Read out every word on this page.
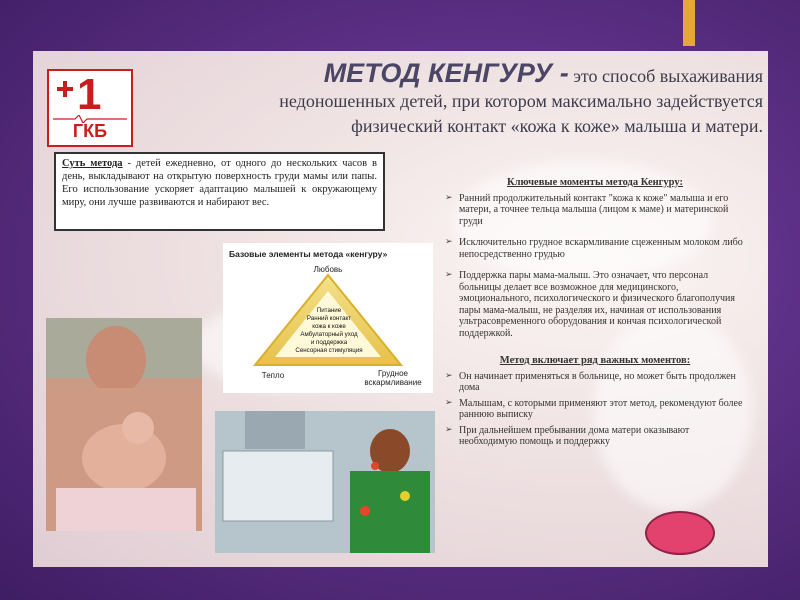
1
ГКБ
МЕТОД КЕНГУРУ - это способ выхаживания
недоношенных детей, при котором максимально задействуется
физический контакт «кожа к коже» малыша и матери.
Суть метода - детей ежедневно, от одного до нескольких часов в день, выкладывают на открытую поверхность груди мамы или папы. Его использование ускоряет адаптацию малышей к окружающему миру, они лучше развиваются и набирают вес.
Базовые элементы метода «кенгуру»
Любовь
Тепло	Грудное вскармливание
Питание
Ранний контакт
кожа к коже
Амбулаторный уход
и поддержка
Сенсорная стимуляция
Ключевые моменты метода Кенгуру:
➢ Ранний продолжительный контакт "кожа к коже" малыша и его матери, а точнее тельца малыша (лицом к маме) и материнской груди
➢ Исключительно грудное вскармливание сцеженным молоком либо непосредственно грудью
➢ Поддержка пары мама-малыш. Это означает, что персонал больницы делает все возможное для медицинского, эмоционального, психологического и физического благополучия пары мама-малыш, не разделяя их, начиная от использования ультрасовременного оборудования и кончая психологической поддержкой.
Метод включает ряд важных моментов:
➢ Он начинает применяться в больнице, но может быть продолжен дома
➢ Малышам, с которыми применяют этот метод, рекомендуют более раннюю выписку
➢ При дальнейшем пребывании дома матери оказывают необходимую помощь и поддержку
